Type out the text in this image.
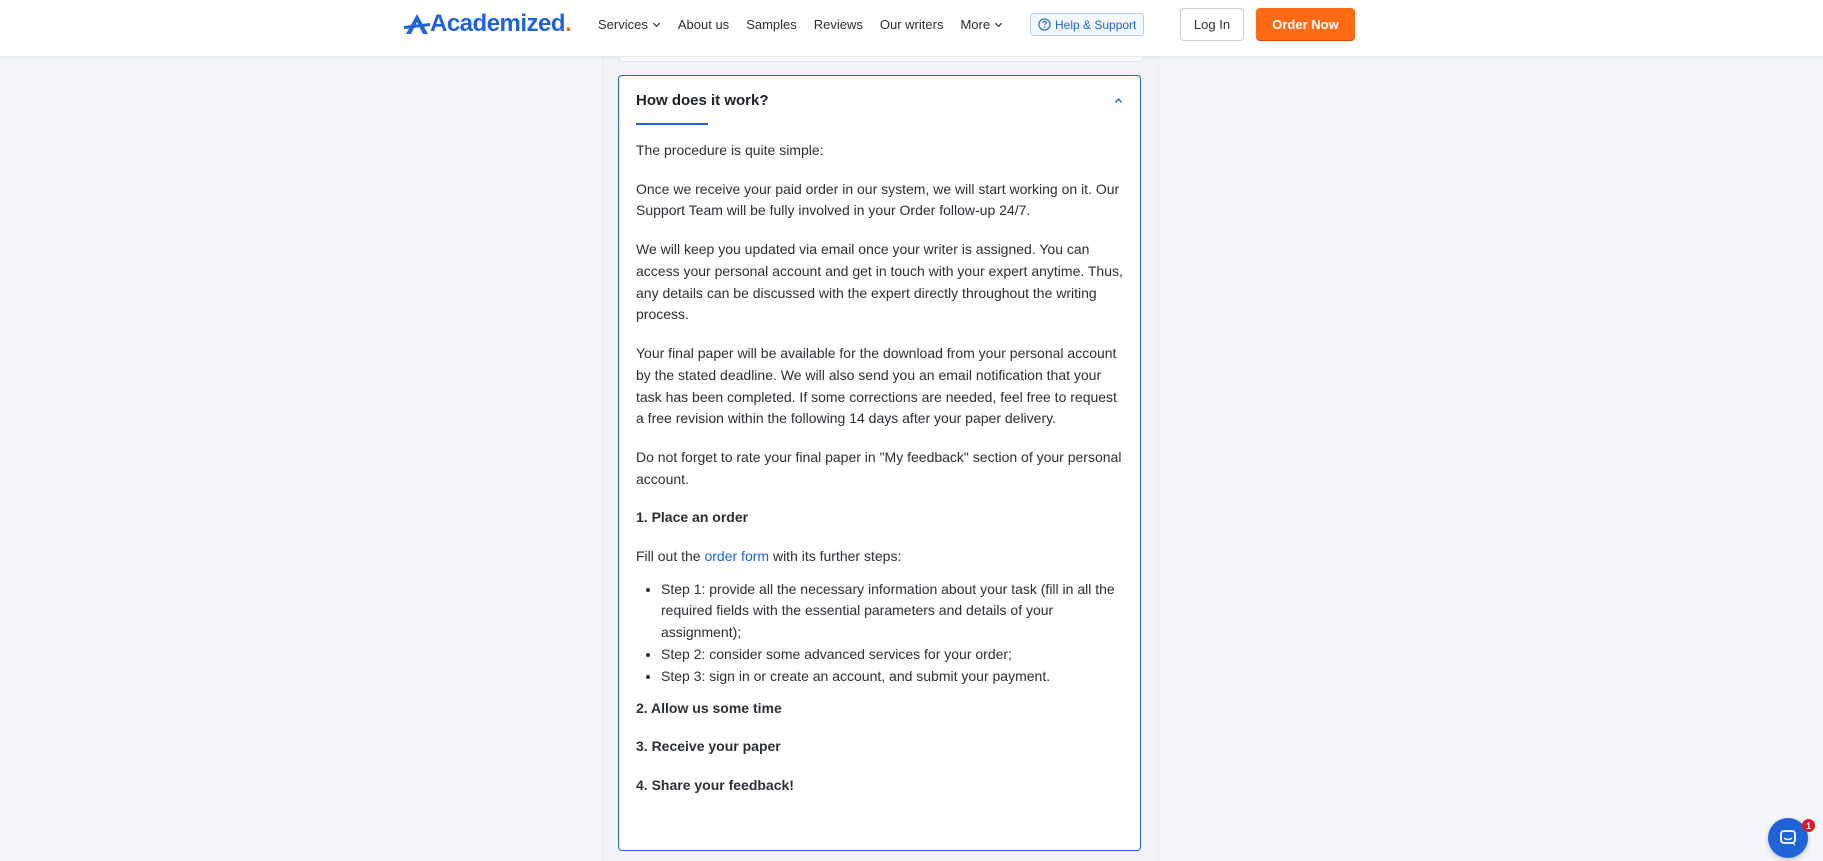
Academized . Services About us Samples Reviews Our writers More	Help & Support	Log In	Order Now
How does it work?

The procedure is quite simple:

Once we receive your paid order in our system, we will start working on it. Our Support Team will be fully involved in your Order follow-up 24/7.

We will keep you updated via email once your writer is assigned. You can access your personal account and get in touch with your expert anytime. Thus, any details can be discussed with the expert directly throughout the writing process.

Your final paper will be available for the download from your personal account by the stated deadline. We will also send you an email notification that your task has been completed. If some corrections are needed, feel free to request a free revision within the following 14 days after your paper delivery.

Do not forget to rate your final paper in "My feedback" section of your personal account.

1. Place an order

Fill out the order form with its further steps:

• Step 1: provide all the necessary information about your task (fill in all the required fields with the essential parameters and details of your assignment);
• Step 2: consider some advanced services for your order;
• Step 3: sign in or create an account, and submit your payment.
2. Allow us some time
3. Receive your paper
4. Share your feedback!
1
